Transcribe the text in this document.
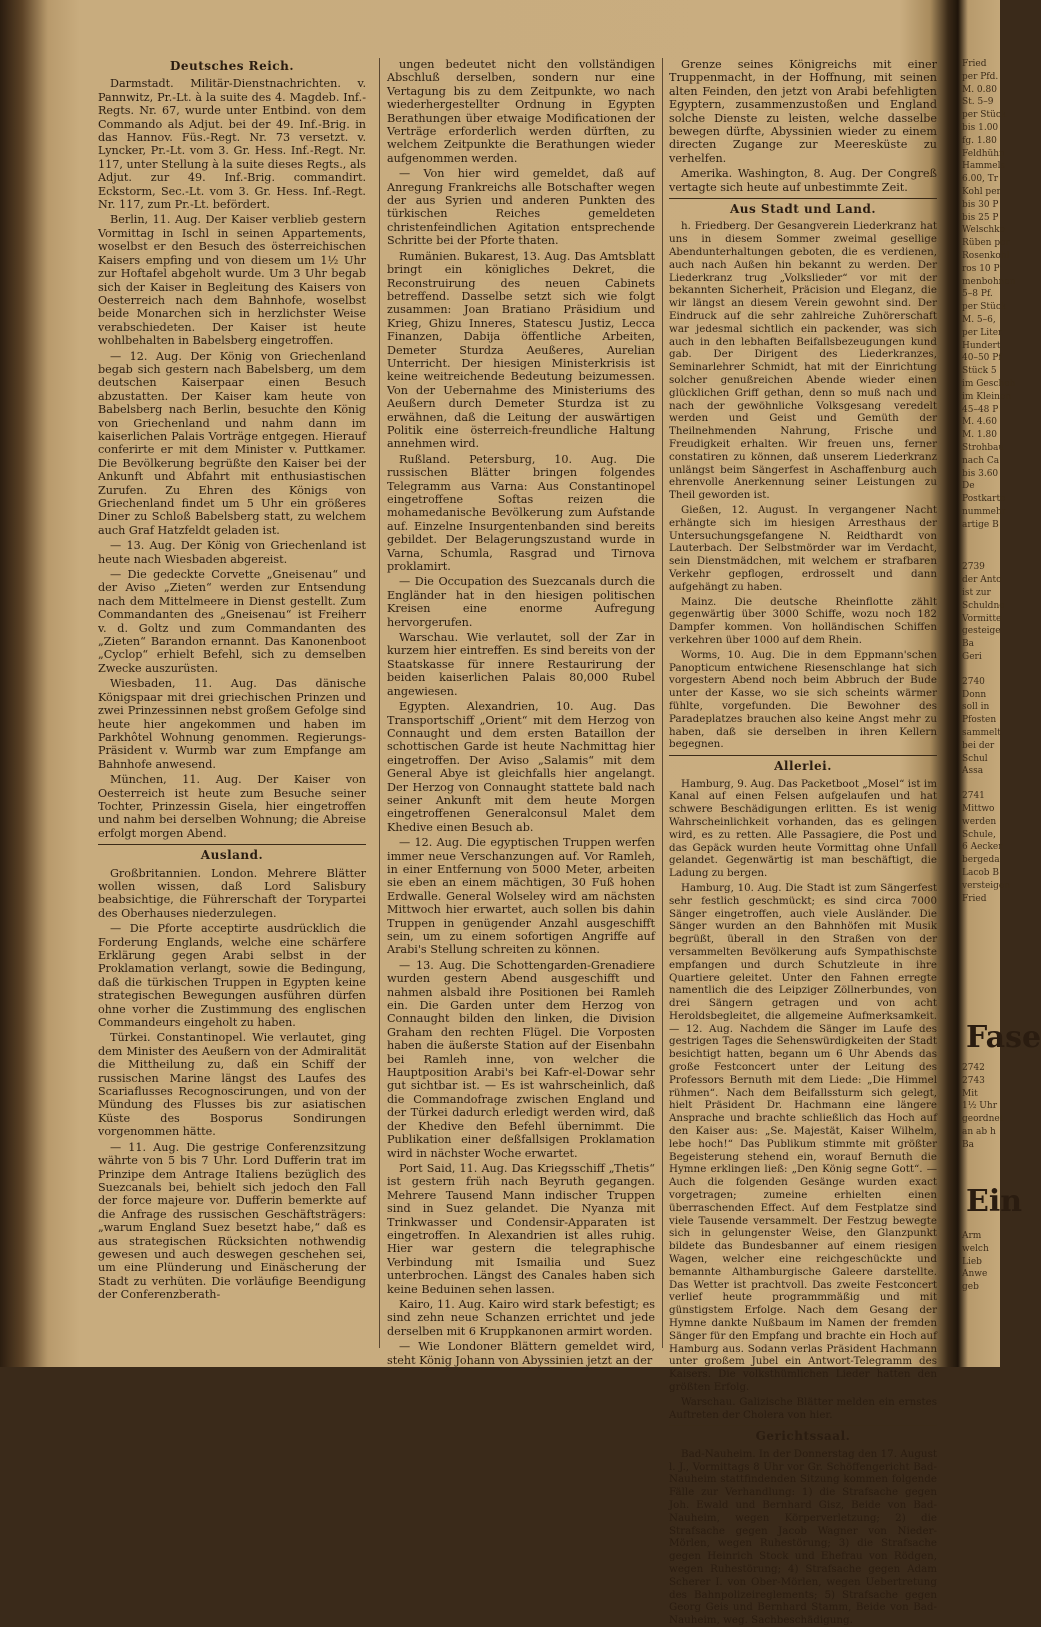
Deutsches Reich.

Darmstadt. Militär-Dienstnachrichten. v. Pannwitz, Pr.-Lt. à la suite des 4. Magdeb. Inf.-Regts. Nr. 67, wurde unter Entbind. von dem Commando als Adjut. bei der 49. Inf.-Brig. in das Hannov. Füs.-Regt. Nr. 73 versetzt. v. Lyncker, Pr.-Lt. vom 3. Gr. Hess. Inf.-Regt. Nr. 117, unter Stellung à la suite dieses Regts., als Adjut. zur 49. Inf.-Brig. commandirt. Eckstorm, Sec.-Lt. vom 3. Gr. Hess. Inf.-Regt. Nr. 117, zum Pr.-Lt. befördert.

Berlin, 11. Aug. Der Kaiser verblieb gestern Vormittag in Ischl in seinen Appartements, woselbst er den Besuch des österreichischen Kaisers empfing und von diesem um 1½ Uhr zur Hoftafel abgeholt wurde. Um 3 Uhr begab sich der Kaiser in Begleitung des Kaisers von Oesterreich nach dem Bahnhofe, woselbst beide Monarchen sich in herzlichster Weise verabschiedeten. Der Kaiser ist heute wohlbehalten in Babelsberg eingetroffen.

— 12. Aug. Der König von Griechenland begab sich gestern nach Babelsberg, um dem deutschen Kaiserpaar einen Besuch abzustatten. Der Kaiser kam heute von Babelsberg nach Berlin, besuchte den König von Griechenland und nahm dann im kaiserlichen Palais Vorträge entgegen. Hierauf conferirte er mit dem Minister v. Puttkamer. Die Bevölkerung begrüßte den Kaiser bei der Ankunft und Abfahrt mit enthusiastischen Zurufen. Zu Ehren des Königs von Griechenland findet um 5 Uhr ein größeres Diner zu Schloß Babelsberg statt, zu welchem auch Graf Hatzfeldt geladen ist.

— 13. Aug. Der König von Griechenland ist heute nach Wiesbaden abgereist.

— Die gedeckte Corvette „Gneisenau“ und der Aviso „Zieten“ werden zur Entsendung nach dem Mittelmeere in Dienst gestellt. Zum Commandanten des „Gneisenau“ ist Freiherr v. d. Goltz und zum Commandanten des „Zieten“ Barandon ernannt. Das Kanonenboot „Cyclop“ erhielt Befehl, sich zu demselben Zwecke auszurüsten.

Wiesbaden, 11. Aug. Das dänische Königspaar mit drei griechischen Prinzen und zwei Prinzessinnen nebst großem Gefolge sind heute hier angekommen und haben im Parkhôtel Wohnung genommen. Regierungs-Präsident v. Wurmb war zum Empfange am Bahnhofe anwesend.

München, 11. Aug. Der Kaiser von Oesterreich ist heute zum Besuche seiner Tochter, Prinzessin Gisela, hier eingetroffen und nahm bei derselben Wohnung; die Abreise erfolgt morgen Abend.

Ausland.

Großbritannien. London. Mehrere Blätter wollen wissen, daß Lord Salisbury beabsichtige, die Führerschaft der Torypartei des Oberhauses niederzulegen.

— Die Pforte acceptirte ausdrücklich die Forderung Englands, welche eine schärfere Erklärung gegen Arabi selbst in der Proklamation verlangt, sowie die Bedingung, daß die türkischen Truppen in Egypten keine strategischen Bewegungen ausführen dürfen ohne vorher die Zustimmung des englischen Commandeurs eingeholt zu haben.

Türkei. Constantinopel. Wie verlautet, ging dem Minister des Aeußern von der Admiralität die Mittheilung zu, daß ein Schiff der russischen Marine längst des Laufes des Scariaflusses Recognoscirungen, und von der Mündung des Flusses bis zur asiatischen Küste des Bosporus Sondirungen vorgenommen hätte.

— 11. Aug. Die gestrige Conferenzsitzung währte von 5 bis 7 Uhr. Lord Dufferin trat im Prinzipe dem Antrage Italiens bezüglich des Suezcanals bei, behielt sich jedoch den Fall der force majeure vor. Dufferin bemerkte auf die Anfrage des russischen Geschäftsträgers: „warum England Suez besetzt habe,“ daß es aus strategischen Rücksichten nothwendig gewesen und auch deswegen geschehen sei, um eine Plünderung und Einäscherung der Stadt zu verhüten. Die vorläufige Beendigung der Conferenzberath-

ungen bedeutet nicht den vollständigen Abschluß derselben, sondern nur eine Vertagung bis zu dem Zeitpunkte, wo nach wiederhergestellter Ordnung in Egypten Berathungen über etwaige Modificationen der Verträge erforderlich werden dürften, zu welchem Zeitpunkte die Berathungen wieder aufgenommen werden.

— Von hier wird gemeldet, daß auf Anregung Frankreichs alle Botschafter wegen der aus Syrien und anderen Punkten des türkischen Reiches gemeldeten christenfeindlichen Agitation entsprechende Schritte bei der Pforte thaten.

Rumänien. Bukarest, 13. Aug. Das Amtsblatt bringt ein königliches Dekret, die Reconstruirung des neuen Cabinets betreffend. Dasselbe setzt sich wie folgt zusammen: Joan Bratiano Präsidium und Krieg, Ghizu Inneres, Statescu Justiz, Lecca Finanzen, Dabija öffentliche Arbeiten, Demeter Sturdza Aeußeres, Aurelian Unterricht. Der hiesigen Ministerkrisis ist keine weitreichende Bedeutung beizumessen. Von der Uebernahme des Ministeriums des Aeußern durch Demeter Sturdza ist zu erwähnen, daß die Leitung der auswärtigen Politik eine österreich-freundliche Haltung annehmen wird.

Rußland. Petersburg, 10. Aug. Die russischen Blätter bringen folgendes Telegramm aus Varna: Aus Constantinopel eingetroffene Softas reizen die mohamedanische Bevölkerung zum Aufstande auf. Einzelne Insurgentenbanden sind bereits gebildet. Der Belagerungszustand wurde in Varna, Schumla, Rasgrad und Tirnova proklamirt.

— Die Occupation des Suezcanals durch die Engländer hat in den hiesigen politischen Kreisen eine enorme Aufregung hervorgerufen.

Warschau. Wie verlautet, soll der Zar in kurzem hier eintreffen. Es sind bereits von der Staatskasse für innere Restaurirung der beiden kaiserlichen Palais 80,000 Rubel angewiesen.

Egypten. Alexandrien, 10. Aug. Das Transportschiff „Orient“ mit dem Herzog von Connaught und dem ersten Bataillon der schottischen Garde ist heute Nachmittag hier eingetroffen. Der Aviso „Salamis“ mit dem General Abye ist gleichfalls hier angelangt. Der Herzog von Connaught stattete bald nach seiner Ankunft mit dem heute Morgen eingetroffenen Generalconsul Malet dem Khedive einen Besuch ab.

— 12. Aug. Die egyptischen Truppen werfen immer neue Verschanzungen auf. Vor Ramleh, in einer Entfernung von 5000 Meter, arbeiten sie eben an einem mächtigen, 30 Fuß hohen Erdwalle. General Wolseley wird am nächsten Mittwoch hier erwartet, auch sollen bis dahin Truppen in genügender Anzahl ausgeschifft sein, um zu einem sofortigen Angriffe auf Arabi's Stellung schreiten zu können.

— 13. Aug. Die Schottengarden-Grenadiere wurden gestern Abend ausgeschifft und nahmen alsbald ihre Positionen bei Ramleh ein. Die Garden unter dem Herzog von Connaught bilden den linken, die Division Graham den rechten Flügel. Die Vorposten haben die äußerste Station auf der Eisenbahn bei Ramleh inne, von welcher die Hauptposition Arabi's bei Kafr-el-Dowar sehr gut sichtbar ist. — Es ist wahrscheinlich, daß die Commandofrage zwischen England und der Türkei dadurch erledigt werden wird, daß der Khedive den Befehl übernimmt. Die Publikation einer deßfallsigen Proklamation wird in nächster Woche erwartet.

Port Said, 11. Aug. Das Kriegsschiff „Thetis“ ist gestern früh nach Beyruth gegangen. Mehrere Tausend Mann indischer Truppen sind in Suez gelandet. Die Nyanza mit Trinkwasser und Condensir-Apparaten ist eingetroffen. In Alexandrien ist alles ruhig. Hier war gestern die telegraphische Verbindung mit Ismailia und Suez unterbrochen. Längst des Canales haben sich keine Beduinen sehen lassen.

Kairo, 11. Aug. Kairo wird stark befestigt; es sind zehn neue Schanzen errichtet und jede derselben mit 6 Kruppkanonen armirt worden.

— Wie Londoner Blättern gemeldet wird, steht König Johann von Abyssinien jetzt an der

Grenze seines Königreichs mit einer Truppenmacht, in der Hoffnung, mit seinen alten Feinden, den jetzt von Arabi befehligten Egyptern, zusammenzustoßen und England solche Dienste zu leisten, welche dasselbe bewegen dürfte, Abyssinien wieder zu einem directen Zugange zur Meeresküste zu verhelfen.

Amerika. Washington, 8. Aug. Der Congreß vertagte sich heute auf unbestimmte Zeit.

Aus Stadt und Land.

h. Friedberg. Der Gesangverein Liederkranz hat uns in diesem Sommer zweimal gesellige Abendunterhaltungen geboten, die es verdienen, auch nach Außen hin bekannt zu werden. Der Liederkranz trug „Volkslieder“ vor mit der bekannten Sicherheit, Präcision und Eleganz, die wir längst an diesem Verein gewohnt sind. Der Eindruck auf die sehr zahlreiche Zuhörerschaft war jedesmal sichtlich ein packender, was sich auch in den lebhaften Beifallsbezeugungen kund gab. Der Dirigent des Liederkranzes, Seminarlehrer Schmidt, hat mit der Einrichtung solcher genußreichen Abende wieder einen glücklichen Griff gethan, denn so muß nach und nach der gewöhnliche Volksgesang veredelt werden und Geist und Gemüth der Theilnehmenden Nahrung, Frische und Freudigkeit erhalten. Wir freuen uns, ferner constatiren zu können, daß unserem Liederkranz unlängst beim Sängerfest in Aschaffenburg auch ehrenvolle Anerkennung seiner Leistungen zu Theil geworden ist.

Gießen, 12. August. In vergangener Nacht erhängte sich im hiesigen Arresthaus der Untersuchungsgefangene N. Reidthardt von Lauterbach. Der Selbstmörder war im Verdacht, sein Dienstmädchen, mit welchem er strafbaren Verkehr gepflogen, erdrosselt und dann aufgehängt zu haben.

Mainz. Die deutsche Rheinflotte zählt gegenwärtig über 3000 Schiffe, wozu noch 182 Dampfer kommen. Von holländischen Schiffen verkehren über 1000 auf dem Rhein.

Worms, 10. Aug. Die in dem Eppmann'schen Panopticum entwichene Riesenschlange hat sich vorgestern Abend noch beim Abbruch der Bude unter der Kasse, wo sie sich scheints wärmer fühlte, vorgefunden. Die Bewohner des Paradeplatzes brauchen also keine Angst mehr zu haben, daß sie derselben in ihren Kellern begegnen.

Allerlei.

Hamburg, 9. Aug. Das Packetboot „Mosel“ ist im Kanal auf einen Felsen aufgelaufen und hat schwere Beschädigungen erlitten. Es ist wenig Wahrscheinlichkeit vorhanden, das es gelingen wird, es zu retten. Alle Passagiere, die Post und das Gepäck wurden heute Vormittag ohne Unfall gelandet. Gegenwärtig ist man beschäftigt, die Ladung zu bergen.

Hamburg, 10. Aug. Die Stadt ist zum Sängerfest sehr festlich geschmückt; es sind circa 7000 Sänger eingetroffen, auch viele Ausländer. Die Sänger wurden an den Bahnhöfen mit Musik begrüßt, überall in den Straßen von der versammelten Bevölkerung aufs Sympathischste empfangen und durch Schutzleute in ihre Quartiere geleitet. Unter den Fahnen erregte namentlich die des Leipziger Zöllnerbundes, von drei Sängern getragen und von acht Heroldsbegleitet, die allgemeine Aufmerksamkeit. — 12. Aug. Nachdem die Sänger im Laufe des gestrigen Tages die Sehenswürdigkeiten der Stadt besichtigt hatten, begann um 6 Uhr Abends das große Festconcert unter der Leitung des Professors Bernuth mit dem Liede: „Die Himmel rühmen“. Nach dem Beifallssturm sich gelegt, hielt Präsident Dr. Hachmann eine längere Ansprache und brachte schließlich das Hoch auf den Kaiser aus: „Se. Majestät, Kaiser Wilhelm, lebe hoch!“ Das Publikum stimmte mit größter Begeisterung stehend ein, worauf Bernuth die Hymne erklingen ließ: „Den König segne Gott“. — Auch die folgenden Gesänge wurden exact vorgetragen; zumeine erhielten einen überraschenden Effect. Auf dem Festplatze sind viele Tausende versammelt. Der Festzug bewegte sich in gelungenster Weise, den Glanzpunkt bildete das Bundesbanner auf einem riesigen Wagen, welcher eine reichgeschückte und bemannte Althamburgische Galeere darstellte. Das Wetter ist prachtvoll. Das zweite Festconcert verlief heute programmmäßig und mit günstigstem Erfolge. Nach dem Gesang der Hymne dankte Nußbaum im Namen der fremden Sänger für den Empfang und brachte ein Hoch auf Hamburg aus. Sodann verlas Präsident Hachmann unter großem Jubel ein Antwort-Telegramm des Kaisers. Die volksthümlichen Lieder hatten den größten Erfolg.

Warschau. Galizische Blätter melden ein ernstes Auftreten der Cholera von hier.

Gerichtssaal.

Bad-Nauheim. In der Donnerstag den 17. August l. J., Vormittags 8 Uhr vor Gr. Schöffengericht Bad-Nauheim stattfindenden Sitzung kommen folgende Fälle zur Verhandlung: 1) die Strafsache gegen Joh. Ewald und Bernhard Gisz, Beide von Bad-Nauheim, wegen Körperverletzung; 2) die Strafsache gegen Jacob Wagner von Nieder-Mörlen, wegen Ruhestörung; 3) die Strafsache gegen Heinrich Stock und Ehefrau von Rödgen, wegen Ruhestörung; 4) Strafsache gegen Adam Scherer I. von Ober-Mörlen, wegen Uebertretung des Bahnpolizeireglements; 5) Strafsache gegen Georg Geis und Bernhard Stamm, Beide von Bad-Nauheim, weg. Sachbeschädigung.

Fried
per Pfd.
M. 0.80
St. 5–9
per Stück
bis 1.00
fg. 1.80
Feldhühn
Hammels
6.00, Tr
Kohl per
bis 30 P
bis 25 P
Welschko
Rüben per
Rosenkohl
ros 10 P
menbohnen
5–8 Pf.
per Stück
M. 5–6,
per Liter
Hundert
40–50 Pf
Stück 5
im Gescheh
im Kleinen
45–48 P
M. 4.60
M. 1.80
Strohbau
nach Ca
bis 3.60
De
Postkarte
nummehr
artige B
2739
der Anto
ist zur
Schuldne
Vormitte
gesteige
Ba
Geri
2740
Donn
soll in
Pfosten
sammelt
bei der
Schul
Assa
2741
Mittwo
werden
Schule,
6 Aecker
bergeda
Lacob B
versteigen
Fried
Fase
2742
2743
Mit
1½ Uhr
geordnet
an ab h
Ba
Ein
Arm
welch
Lieb
Anwe
geb
